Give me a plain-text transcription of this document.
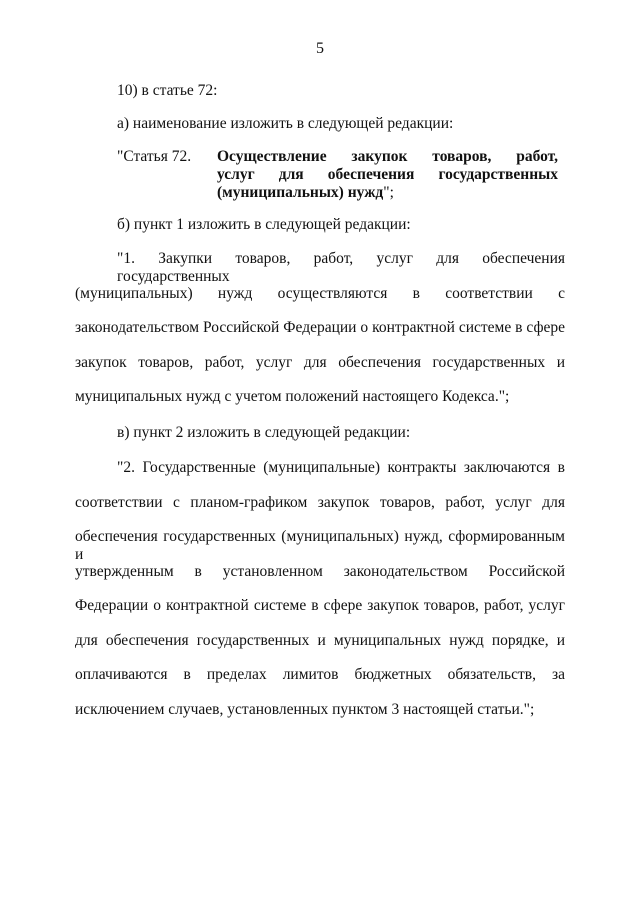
5
10) в статье 72:
а) наименование изложить в следующей редакции:
"Статья 72. Осуществление закупок товаров, работ,
услуг для обеспечения государственных
(муниципальных) нужд";
б) пункт 1 изложить в следующей редакции:
"1. Закупки товаров, работ, услуг для обеспечения государственных
(муниципальных) нужд осуществляются в соответствии с
законодательством Российской Федерации о контрактной системе в сфере
закупок товаров, работ, услуг для обеспечения государственных и
муниципальных нужд с учетом положений настоящего Кодекса.";
в) пункт 2 изложить в следующей редакции:
"2. Государственные (муниципальные) контракты заключаются в
соответствии с планом-графиком закупок товаров, работ, услуг для
обеспечения государственных (муниципальных) нужд, сформированным и
утвержденным в установленном законодательством Российской
Федерации о контрактной системе в сфере закупок товаров, работ, услуг
для обеспечения государственных и муниципальных нужд порядке, и
оплачиваются в пределах лимитов бюджетных обязательств, за
исключением случаев, установленных пунктом 3 настоящей статьи.";
